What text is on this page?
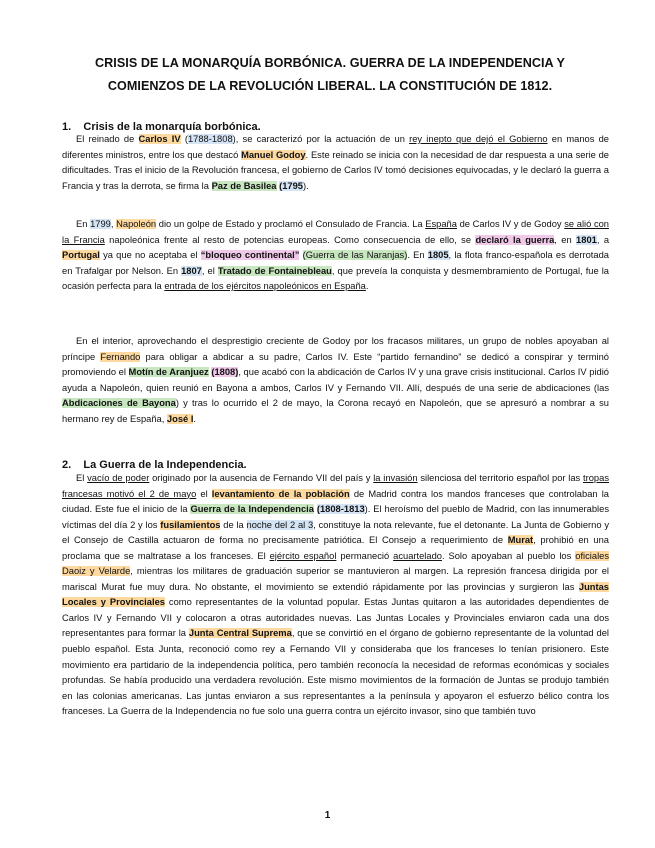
CRISIS DE LA MONARQUÍA BORBÓNICA. GUERRA DE LA INDEPENDENCIA Y
COMIENZOS DE LA REVOLUCIÓN LIBERAL. LA CONSTITUCIÓN DE 1812.
1.    Crisis de la monarquía borbónica.

El reinado de Carlos IV (1788-1808), se caracterizó por la actuación de un rey inepto que dejó el Gobierno en manos de diferentes ministros, entre los que destacó Manuel Godoy. Este reinado se inicia con la necesidad de dar respuesta a una serie de dificultades. Tras el inicio de la Revolución francesa, el gobierno de Carlos IV tomó decisiones equivocadas, y le declaró la guerra a Francia y tras la derrota, se firma la Paz de Basilea (1795).

En 1799, Napoleón dio un golpe de Estado y proclamó el Consulado de Francia. La España de Carlos IV y de Godoy se alió con la Francia napoleónica frente al resto de potencias europeas. Como consecuencia de ello, se declaró la guerra, en 1801, a Portugal ya que no aceptaba el “bloqueo continental” (Guerra de las Naranjas). En 1805, la flota franco-española es derrotada en Trafalgar por Nelson. En 1807, el Tratado de Fontainebleau, que preveía la conquista y desmembramiento de Portugal, fue la ocasión perfecta para la entrada de los ejércitos napoleónicos en España.

En el interior, aprovechando el desprestigio creciente de Godoy por los fracasos militares, un grupo de nobles apoyaban al príncipe Fernando para obligar a abdicar a su padre, Carlos IV. Este “partido fernandino” se dedicó a conspirar y terminó promoviendo el Motín de Aranjuez (1808), que acabó con la abdicación de Carlos IV y una grave crisis institucional. Carlos IV pidió ayuda a Napoleón, quien reunió en Bayona a ambos, Carlos IV y Fernando VII. Allí, después de una serie de abdicaciones (las Abdicaciones de Bayona) y tras lo ocurrido el 2 de mayo, la Corona recayó en Napoleón, que se apresuró a nombrar a su hermano rey de España, José I.

2.    La Guerra de la Independencia.

El vacío de poder originado por la ausencia de Fernando VII del país y la invasión silenciosa del territorio español por las tropas francesas motivó el 2 de mayo el levantamiento de la población de Madrid contra los mandos franceses que controlaban la ciudad. Este fue el inicio de la Guerra de la Independencia (1808-1813). El heroísmo del pueblo de Madrid, con las innumerables víctimas del día 2 y los fusilamientos de la noche del 2 al 3, constituye la nota relevante, fue el detonante. La Junta de Gobierno y el Consejo de Castilla actuaron de forma no precisamente patriótica. El Consejo a requerimiento de Murat, prohibió en una proclama que se maltratase a los franceses. El ejército español permaneció acuartelado. Solo apoyaban al pueblo los oficiales Daoiz y Velarde, mientras los militares de graduación superior se mantuvieron al margen. La represión francesa dirigida por el mariscal Murat fue muy dura. No obstante, el movimiento se extendió rápidamente por las provincias y surgieron las Juntas Locales y Provinciales como representantes de la voluntad popular. Estas Juntas quitaron a las autoridades dependientes de Carlos IV y Fernando VII y colocaron a otras autoridades nuevas. Las Juntas Locales y Provinciales enviaron cada una dos representantes para formar la Junta Central Suprema, que se convirtió en el órgano de gobierno representante de la voluntad del pueblo español. Esta Junta, reconoció como rey a Fernando VII y consideraba que los franceses lo tenían prisionero. Este movimiento era partidario de la independencia política, pero también reconocía la necesidad de reformas económicas y sociales profundas. Se había producido una verdadera revolución. Este mismo movimientos de la formación de Juntas se produjo también en las colonias americanas. Las juntas enviaron a sus representantes a la península y apoyaron el esfuerzo bélico contra los franceses. La Guerra de la Independencia no fue solo una guerra contra un ejército invasor, sino que también tuvo

1
